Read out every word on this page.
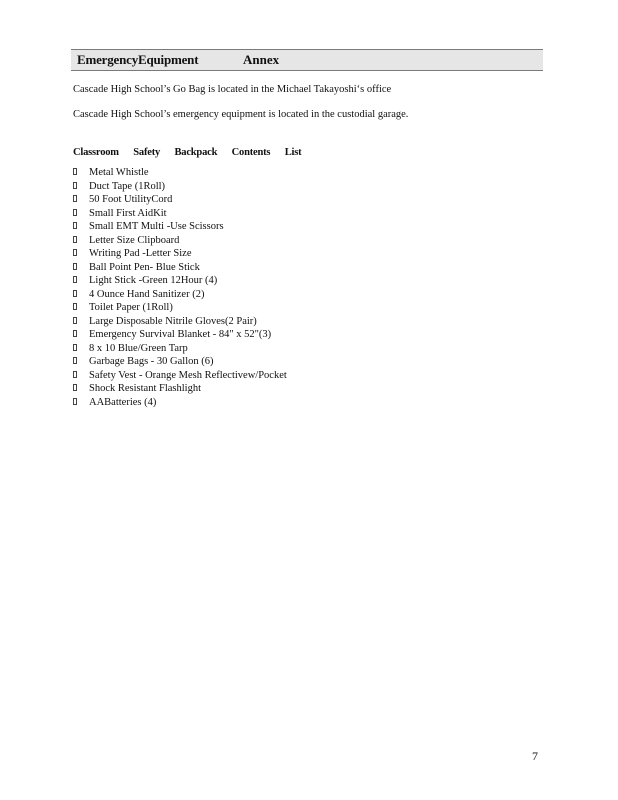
EmergencyEquipment	Annex
Cascade High School’s Go Bag is located in the Michael Takayoshi‘s office
Cascade High School’s emergency equipment is located in the custodial garage.
Classroom Safety Backpack Contents List
Metal Whistle
Duct Tape (1Roll)
50 Foot UtilityCord
Small First AidKit
Small EMT Multi -Use Scissors
Letter Size Clipboard
Writing Pad -Letter Size
Ball Point Pen- Blue Stick
Light Stick -Green 12Hour (4)
4 Ounce Hand Sanitizer (2)
Toilet Paper (1Roll)
Large Disposable Nitrile Gloves(2 Pair)
Emergency Survival Blanket - 84" x 52"(3)
8 x 10 Blue/Green Tarp
Garbage Bags - 30 Gallon (6)
Safety Vest - Orange Mesh Reflectivew/Pocket
Shock Resistant Flashlight
AABatteries (4)
7
